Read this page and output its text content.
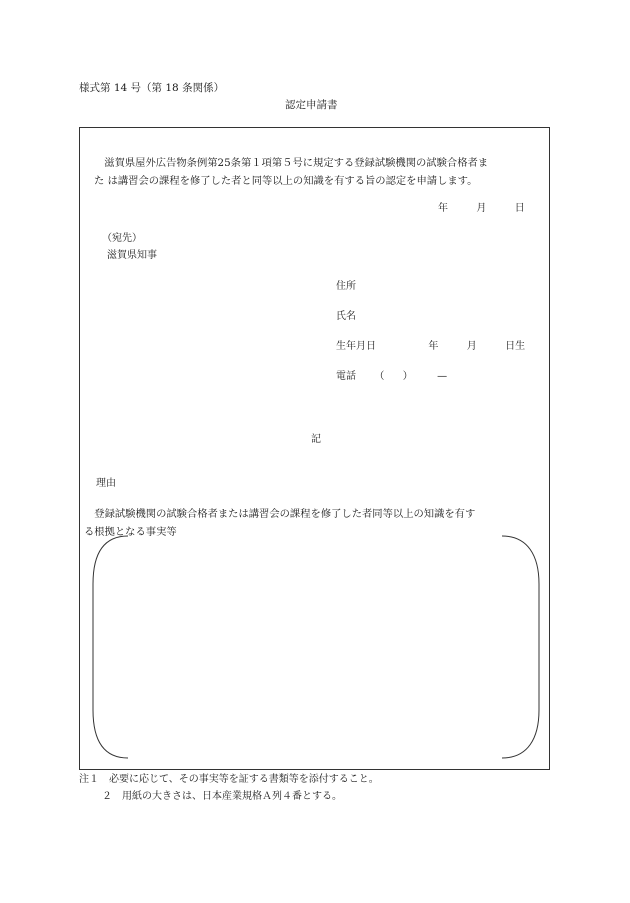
様式第 14 号（第 18 条関係）
認定申請書
　滋賀県屋外広告物条例第25条第１項第５号に規定する登録試験機関の試験合格者ま
た は講習会の課程を修了した者と同等以上の知識を有する旨の認定を申請します。
年	月	日
（宛先）
滋賀県知事
住所
氏名
生年月日	年	月	日生
電話 （ ） —
記
理由
　登録試験機関の試験合格者または講習会の課程を修了した者同等以上の知識を有す
る根拠となる事実等
注１　必要に応じて、その事実等を証する書類等を添付すること。
２　用紙の大きさは、日本産業規格Ａ列４番とする。
